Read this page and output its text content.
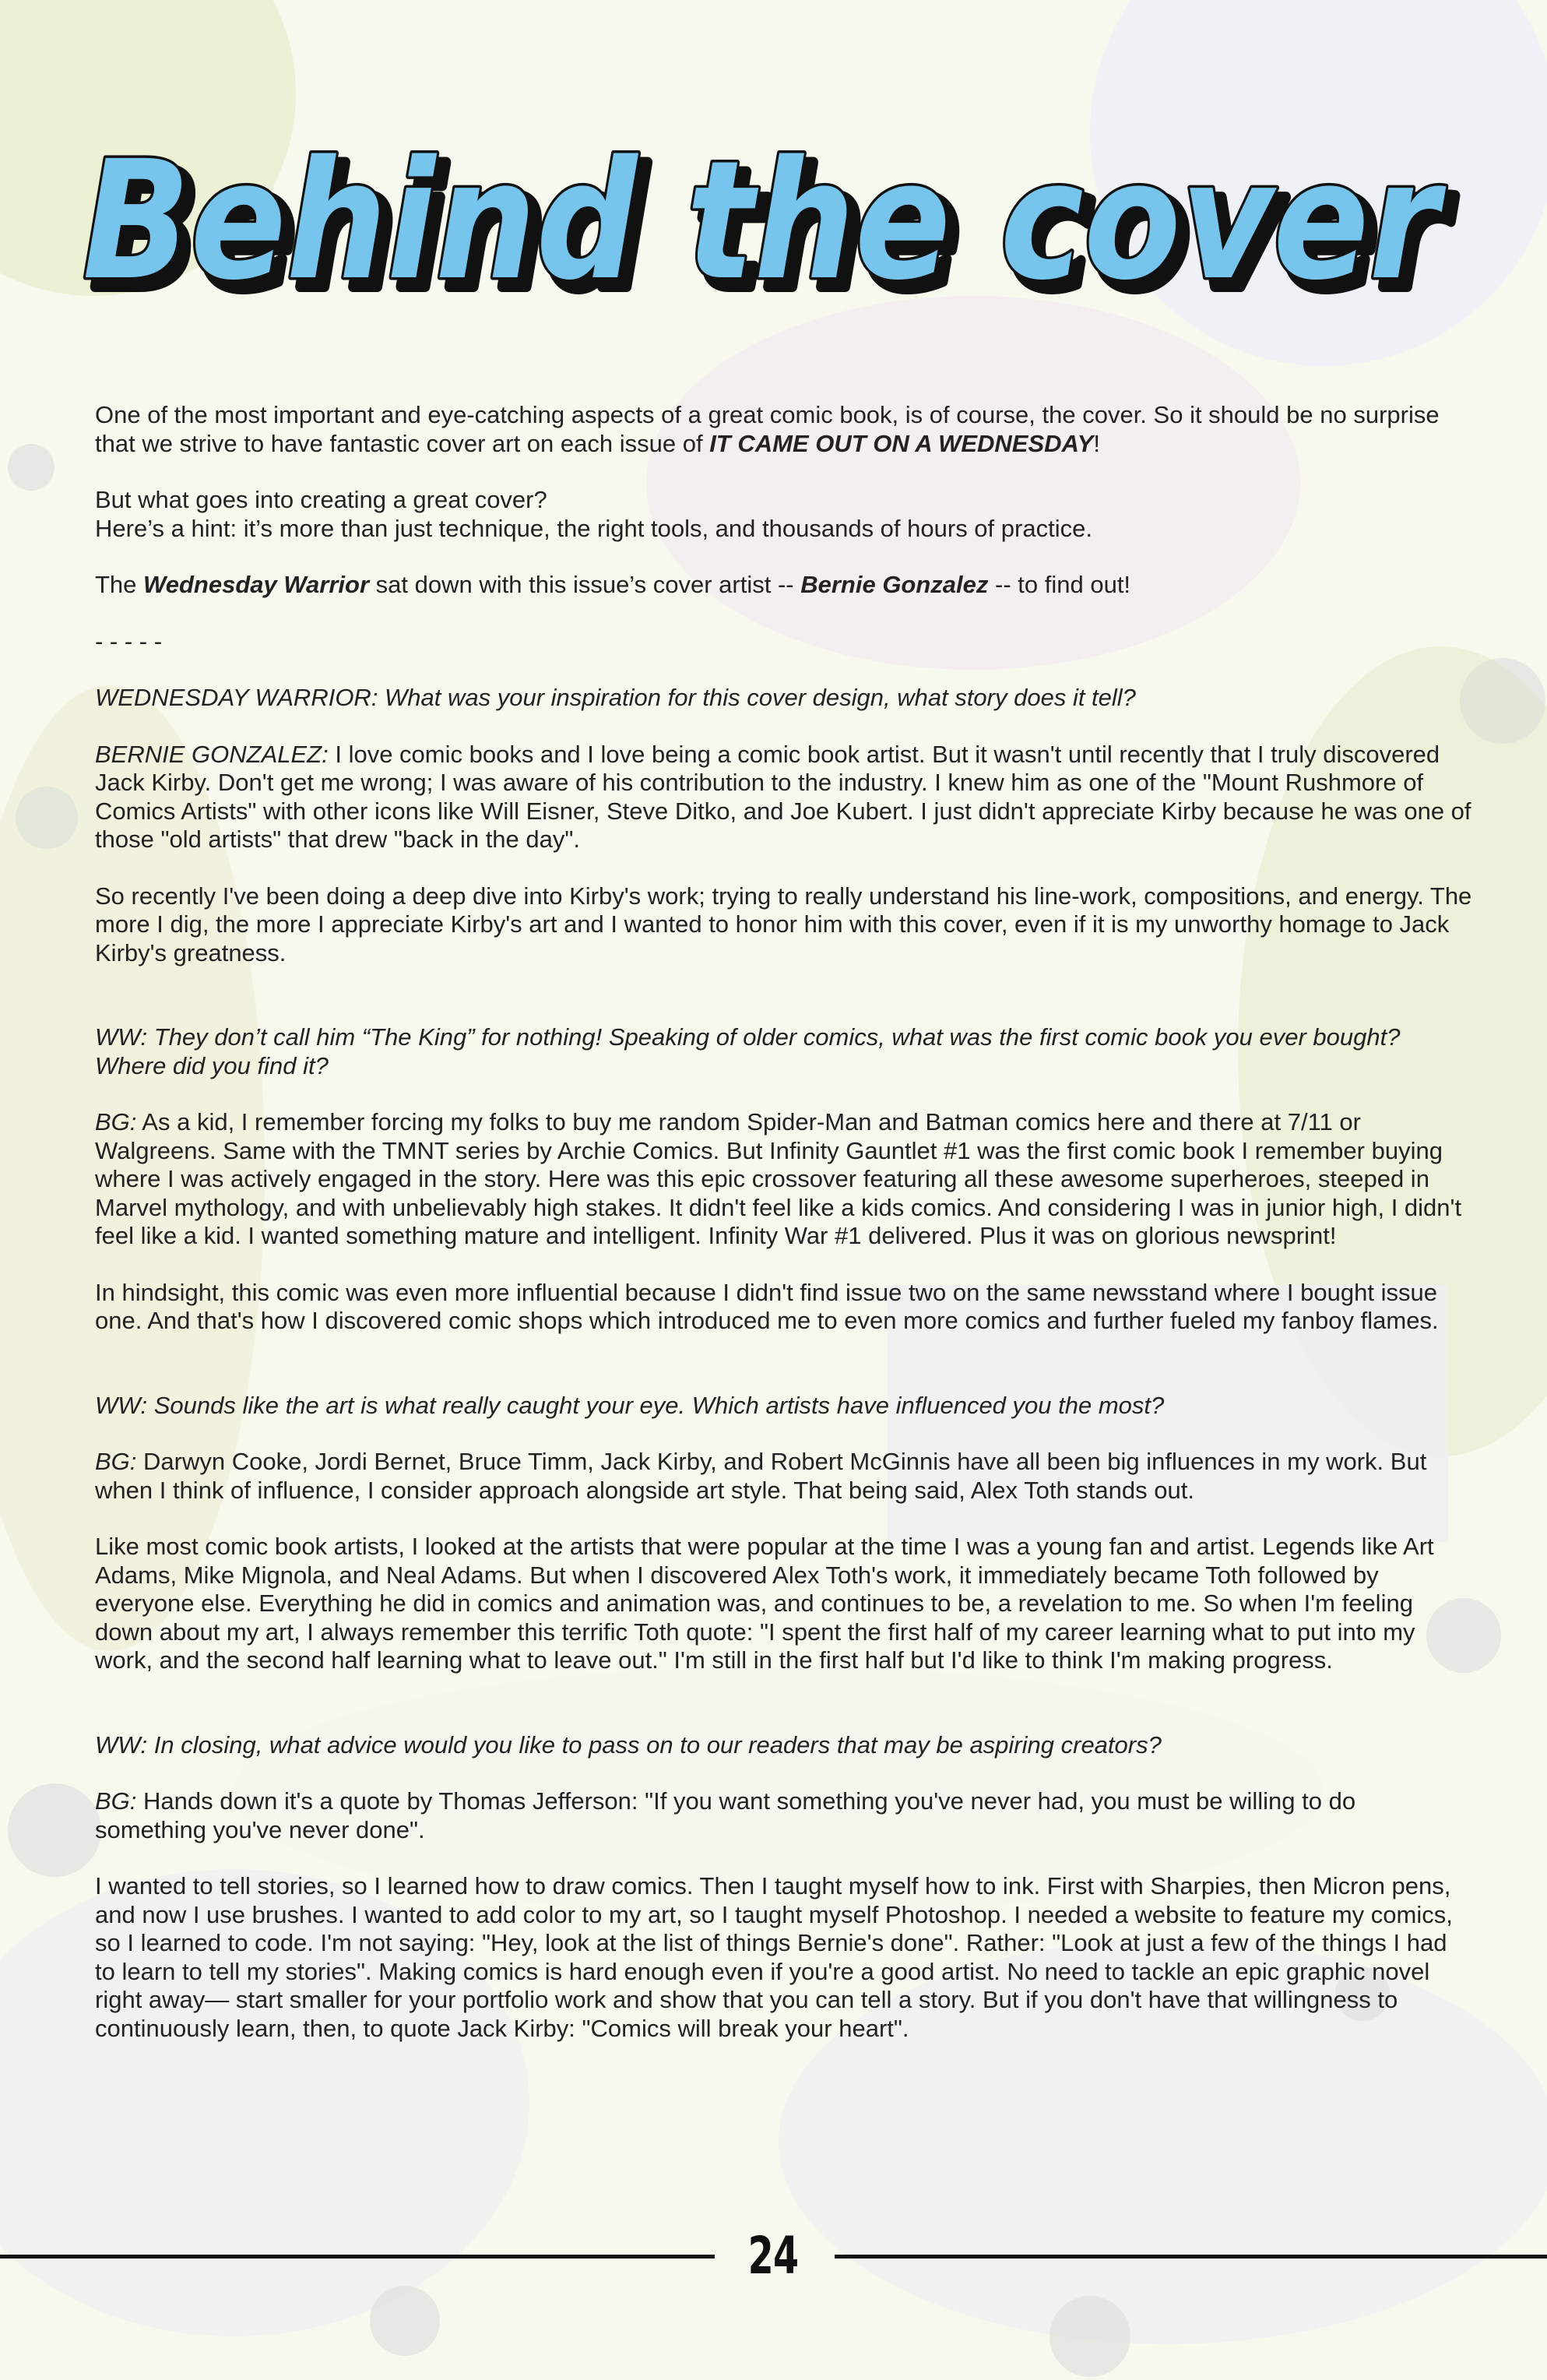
Behind the cover
Behind the cover

One of the most important and eye-catching aspects of a great comic book, is of course, the cover. So it should be no surprise that we strive to have fantastic cover art on each issue of IT CAME OUT ON A WEDNESDAY!

But what goes into creating a great cover?
Here’s a hint: it’s more than just technique, the right tools, and thousands of hours of practice.

The Wednesday Warrior sat down with this issue’s cover artist -- Bernie Gonzalez -- to find out!

- - - - -

WEDNESDAY WARRIOR: What was your inspiration for this cover design, what story does it tell?

BERNIE GONZALEZ: I love comic books and I love being a comic book artist. But it wasn't until recently that I truly discovered Jack Kirby. Don't get me wrong; I was aware of his contribution to the industry. I knew him as one of the "Mount Rushmore of Comics Artists" with other icons like Will Eisner, Steve Ditko, and Joe Kubert. I just didn't appreciate Kirby because he was one of those "old artists" that drew "back in the day".

So recently I've been doing a deep dive into Kirby's work; trying to really understand his line-work, compositions, and energy. The more I dig, the more I appreciate Kirby's art and I wanted to honor him with this cover, even if it is my unworthy homage to Jack Kirby's greatness.

WW: They don’t call him “The King” for nothing! Speaking of older comics, what was the first comic book you ever bought? Where did you find it?

BG: As a kid, I remember forcing my folks to buy me random Spider-Man and Batman comics here and there at 7/11 or Walgreens. Same with the TMNT series by Archie Comics. But Infinity Gauntlet #1 was the first comic book I remember buying where I was actively engaged in the story. Here was this epic crossover featuring all these awesome superheroes, steeped in Marvel mythology, and with unbelievably high stakes. It didn't feel like a kids comics. And considering I was in junior high, I didn't feel like a kid. I wanted something mature and intelligent. Infinity War #1 delivered. Plus it was on glorious newsprint!

In hindsight, this comic was even more influential because I didn't find issue two on the same newsstand where I bought issue one. And that's how I discovered comic shops which introduced me to even more comics and further fueled my fanboy flames.

WW: Sounds like the art is what really caught your eye. Which artists have influenced you the most?

BG: Darwyn Cooke, Jordi Bernet, Bruce Timm, Jack Kirby, and Robert McGinnis have all been big influences in my work. But when I think of influence, I consider approach alongside art style. That being said, Alex Toth stands out.

Like most comic book artists, I looked at the artists that were popular at the time I was a young fan and artist. Legends like Art Adams, Mike Mignola, and Neal Adams. But when I discovered Alex Toth's work, it immediately became Toth followed by everyone else. Everything he did in comics and animation was, and continues to be, a revelation to me. So when I'm feeling down about my art, I always remember this terrific Toth quote: "I spent the first half of my career learning what to put into my work, and the second half learning what to leave out." I'm still in the first half but I'd like to think I'm making progress.

WW: In closing, what advice would you like to pass on to our readers that may be aspiring creators?

BG: Hands down it's a quote by Thomas Jefferson: "If you want something you've never had, you must be willing to do something you've never done".

I wanted to tell stories, so I learned how to draw comics. Then I taught myself how to ink. First with Sharpies, then Micron pens, and now I use brushes. I wanted to add color to my art, so I taught myself Photoshop. I needed a website to feature my comics, so I learned to code. I'm not saying: "Hey, look at the list of things Bernie's done". Rather: "Look at just a few of the things I had to learn to tell my stories". Making comics is hard enough even if you're a good artist. No need to tackle an epic graphic novel right away— start smaller for your portfolio work and show that you can tell a story. But if you don't have that willingness to continuously learn, then, to quote Jack Kirby: "Comics will break your heart".

24
